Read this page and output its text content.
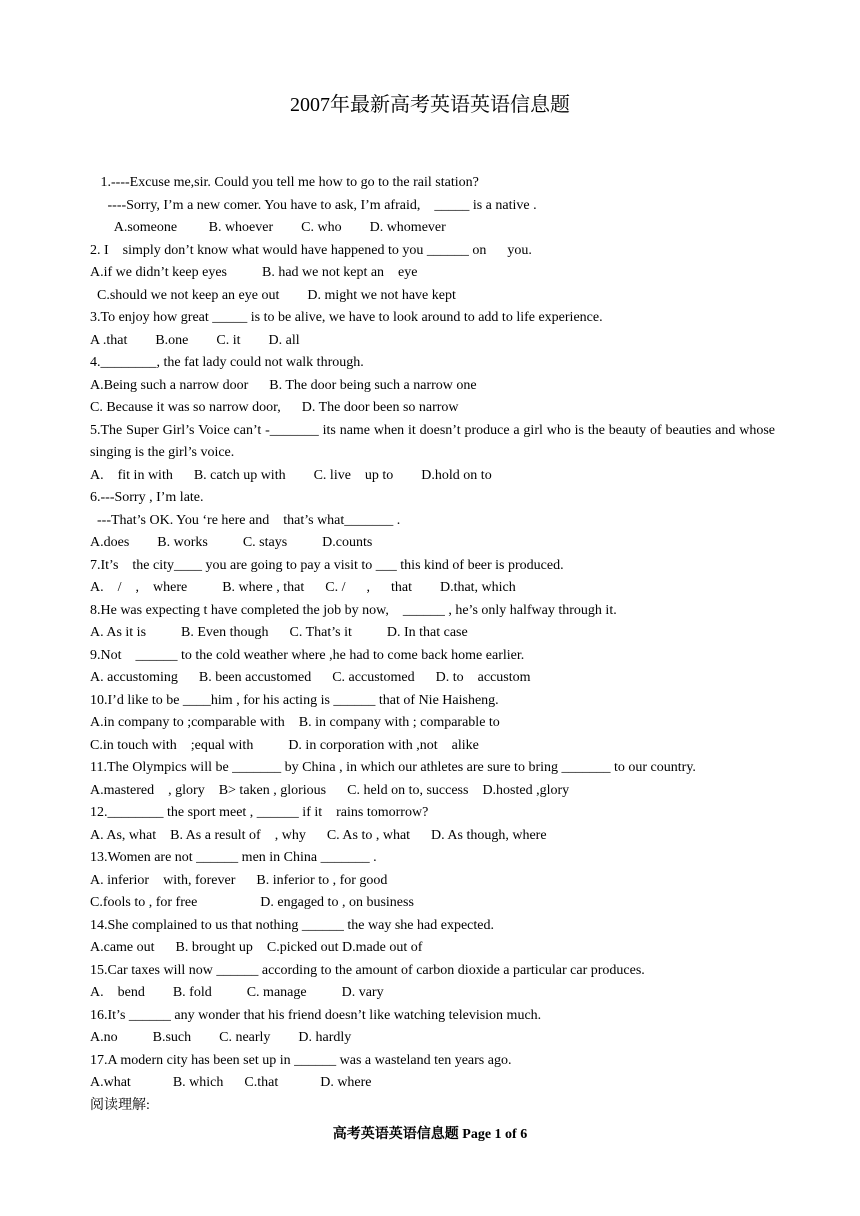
2007年最新高考英语英语信息题
1.----Excuse me,sir. Could you tell me how to go to the rail station?
----Sorry, I’m a new comer. You have to ask, I’m afraid,    _____ is a native .
A.someone         B. whoever        C. who        D. whomever
2. I    simply don’t know what would have happened to you ______ on      you.
A.if we didn’t keep eyes          B. had we not kept an    eye
C.should we not keep an eye out        D. might we not have kept
3.To enjoy how great _____ is to be alive, we have to look around to add to life experience.
A .that        B.one        C. it        D. all
4.________, the fat lady could not walk through.
A.Being such a narrow door      B. The door being such a narrow one
C. Because it was so narrow door,      D. The door been so narrow
5.The Super Girl’s Voice can’t -_______ its name when it doesn’t produce a girl who is the beauty of beauties and whose singing is the girl’s voice.
A.    fit in with      B. catch up with        C. live    up to        D.hold on to
6.---Sorry , I’m late.
---That’s OK. You ‘re here and    that’s what_______ .
A.does        B. works          C. stays          D.counts
7.It’s    the city____ you are going to pay a visit to ___ this kind of beer is produced.
A.    /    ,    where          B. where , that      C. /      ,      that        D.that, which
8.He was expecting t have completed the job by now,    ______ , he’s only halfway through it.
A. As it is          B. Even though      C. That’s it          D. In that case
9.Not    ______ to the cold weather where ,he had to come back home earlier.
A. accustoming      B. been accustomed      C. accustomed      D. to    accustom
10.I’d like to be ____him , for his acting is ______ that of Nie Haisheng.
A.in company to ;comparable with    B. in company with ; comparable to
C.in touch with    ;equal with          D. in corporation with ,not    alike
11.The Olympics will be _______ by China , in which our athletes are sure to bring _______ to our country.
A.mastered    , glory    B> taken , glorious      C. held on to, success    D.hosted ,glory
12.________ the sport meet , ______ if it    rains tomorrow?
A. As, what    B. As a result of    , why      C. As to , what      D. As though, where
13.Women are not ______ men in China _______ .
A. inferior    with, forever      B. inferior to , for good
C.fools to , for free                  D. engaged to , on business
14.She complained to us that nothing ______ the way she had expected.
A.came out      B. brought up    C.picked out D.made out of
15.Car taxes will now ______ according to the amount of carbon dioxide a particular car produces.
A.    bend        B. fold          C. manage          D. vary
16.It’s ______ any wonder that his friend doesn’t like watching television much.
A.no          B.such        C. nearly        D. hardly
17.A modern city has been set up in ______ was a wasteland ten years ago.
A.what            B. which      C.that            D. where
阅读理解:
高考英语英语信息题 Page 1 of 6
